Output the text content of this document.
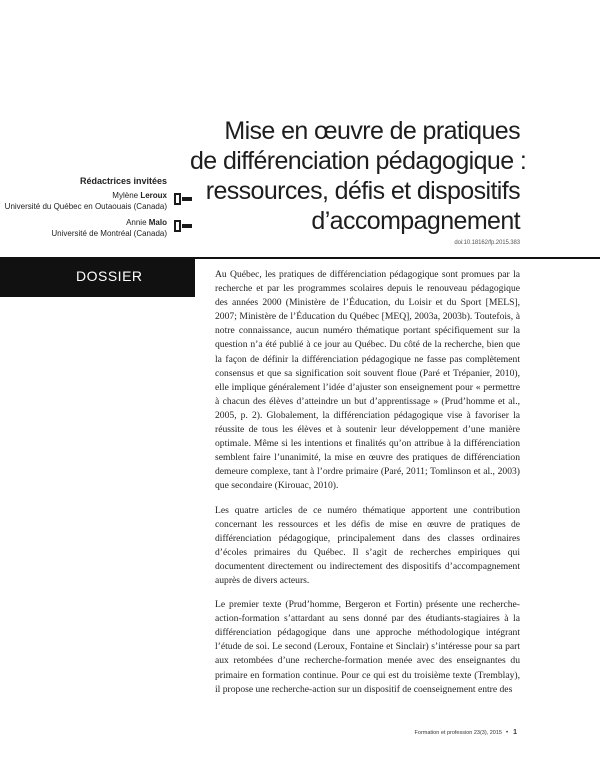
Mise en œuvre de pratiques
de différenciation pédagogique :
ressources, défis et dispositifs
d’accompagnement
Rédactrices invitées
Mylène Leroux
Université du Québec en Outaouais (Canada)
Annie Malo
Université de Montréal (Canada)
doi:10.18162/fp.2015.383
DOSSIER	Au Québec, les pratiques de différenciation pédagogique sont promues par la recherche et par les programmes scolaires depuis le renouveau pédagogique des années 2000 (Ministère de l’Éducation, du Loisir et du Sport [MELS], 2007; Ministère de l’Éducation du Québec [MEQ], 2003a, 2003b). Toutefois, à notre connaissance, aucun numéro thématique portant spécifiquement sur la question n’a été publié à ce jour au Québec. Du côté de la recherche, bien que la façon de définir la différenciation pédagogique ne fasse pas complètement consensus et que sa signification soit souvent floue (Paré et Trépanier, 2010), elle implique généralement l’idée d’ajuster son enseignement pour « permettre à chacun des élèves d’atteindre un but d’apprentissage » (Prud’homme et al., 2005, p. 2). Globalement, la différenciation pédagogique vise à favoriser la réussite de tous les élèves et à soutenir leur développement d’une manière optimale. Même si les intentions et finalités qu’on attribue à la différenciation semblent faire l’unanimité, la mise en œuvre des pratiques de différenciation demeure complexe, tant à l’ordre primaire (Paré, 2011; Tomlinson et al., 2003) que secondaire (Kirouac, 2010).

Les quatre articles de ce numéro thématique apportent une contribution concernant les ressources et les défis de mise en œuvre de pratiques de différenciation pédagogique, principalement dans des classes ordinaires d’écoles primaires du Québec. Il s’agit de recherches empiriques qui documentent directement ou indirectement des dispositifs d’accompagnement auprès de divers acteurs.

Le premier texte (Prud’homme, Bergeron et Fortin) présente une recherche-action-formation s’attardant au sens donné par des étudiants-stagiaires à la différenciation pédagogique dans une approche méthodologique intégrant l’étude de soi. Le second (Leroux, Fontaine et Sinclair) s’intéresse pour sa part aux retombées d’une recherche-formation menée avec des enseignantes du primaire en formation continue. Pour ce qui est du troisième texte (Tremblay), il propose une recherche-action sur un dispositif de coenseignement entre des

Formation et profession 23(3), 2015 • 1
